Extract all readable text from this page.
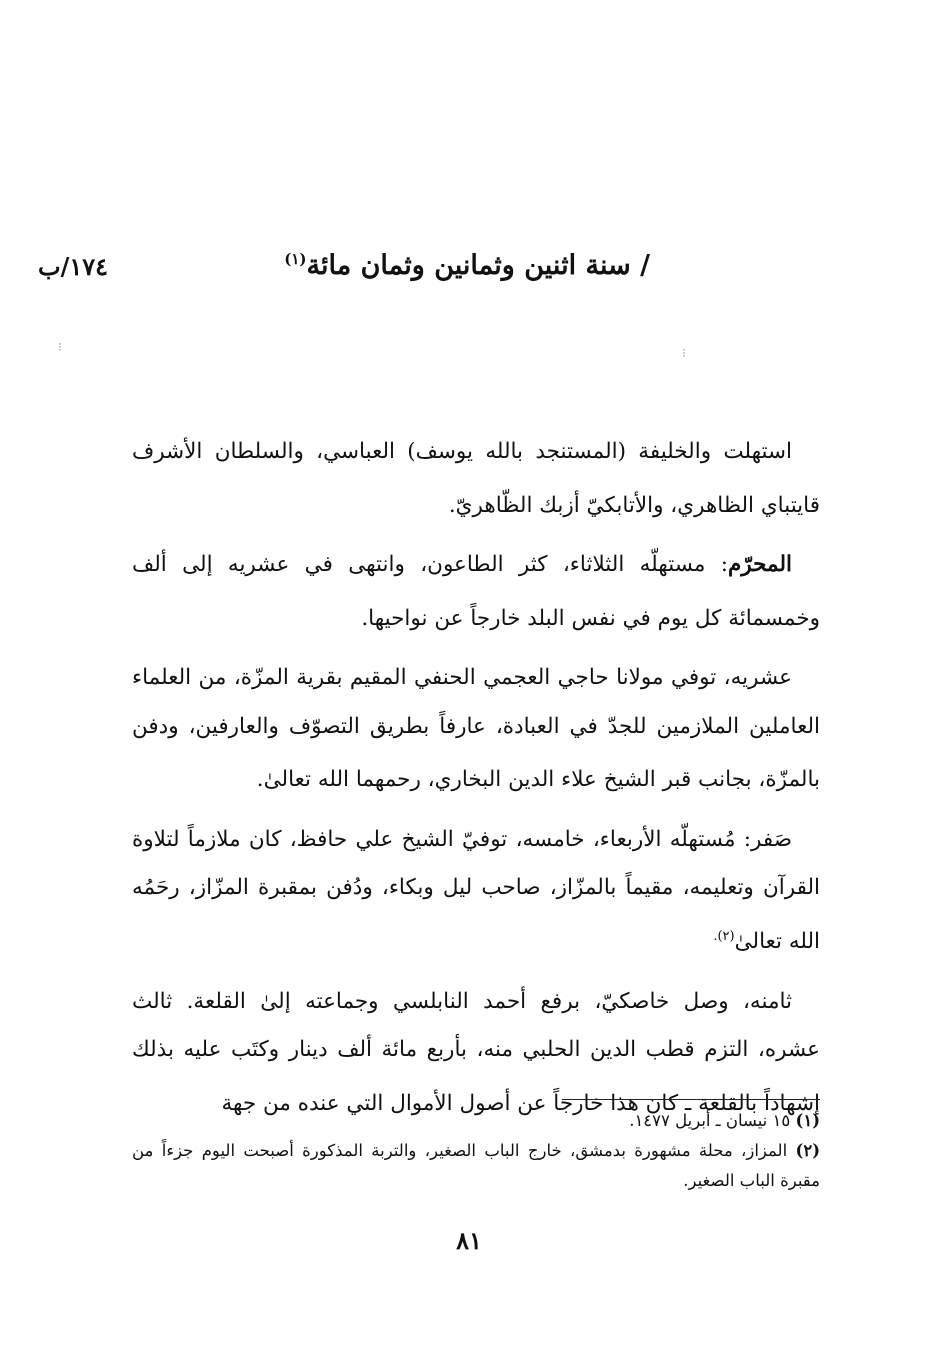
١٧٤/ب	/ سنة اثنين وثمانين وثمان مائة$^{(١)}$
⁝	⁝

استهلت والخليفة (المستنجد بالله يوسف) العباسي، والسلطان الأشرف قايتباي الظاهري، والأتابكيّ أزبك الظّاهريّ.

المحرّم: مستهلّه الثلاثاء، كثر الطاعون، وانتهى في عشريه إلى ألف وخمسمائة كل يوم في نفس البلد خارجاً عن نواحيها.

عشريه، توفي مولانا حاجي العجمي الحنفي المقيم بقرية المزّة، من العلماء العاملين الملازمين للجدّ في العبادة، عارفاً بطريق التصوّف والعارفين، ودفن بالمزّة، بجانب قبر الشيخ علاء الدين البخاري، رحمهما الله تعالىٰ.

صَفر: مُستهلّه الأربعاء، خامسه، توفيّ الشيخ علي حافظ، كان ملازماً لتلاوة القرآن وتعليمه، مقيماً بالمزّاز، صاحب ليل وبكاء، ودُفن بمقبرة المزّاز، رحَمُه الله تعالىٰ$^{(٢).}$

ثامنه، وصل خاصكيّ، برفع أحمد النابلسي وجماعته إلىٰ القلعة. ثالث عشره، التزم قطب الدين الحلبي منه، بأربع مائة ألف دينار وكتَب عليه بذلك إشهاداً بالقلعة ـ كان هذا خارجاً عن أصول الأموال التي عنده من جهة

(١) ١٥ نيسان ـ أبريل ١٤٧٧.

(٢) المزاز، محلة مشهورة بدمشق، خارج الباب الصغير، والتربة المذكورة أصبحت اليوم جزءاً من مقبرة الباب الصغير.

٨١
